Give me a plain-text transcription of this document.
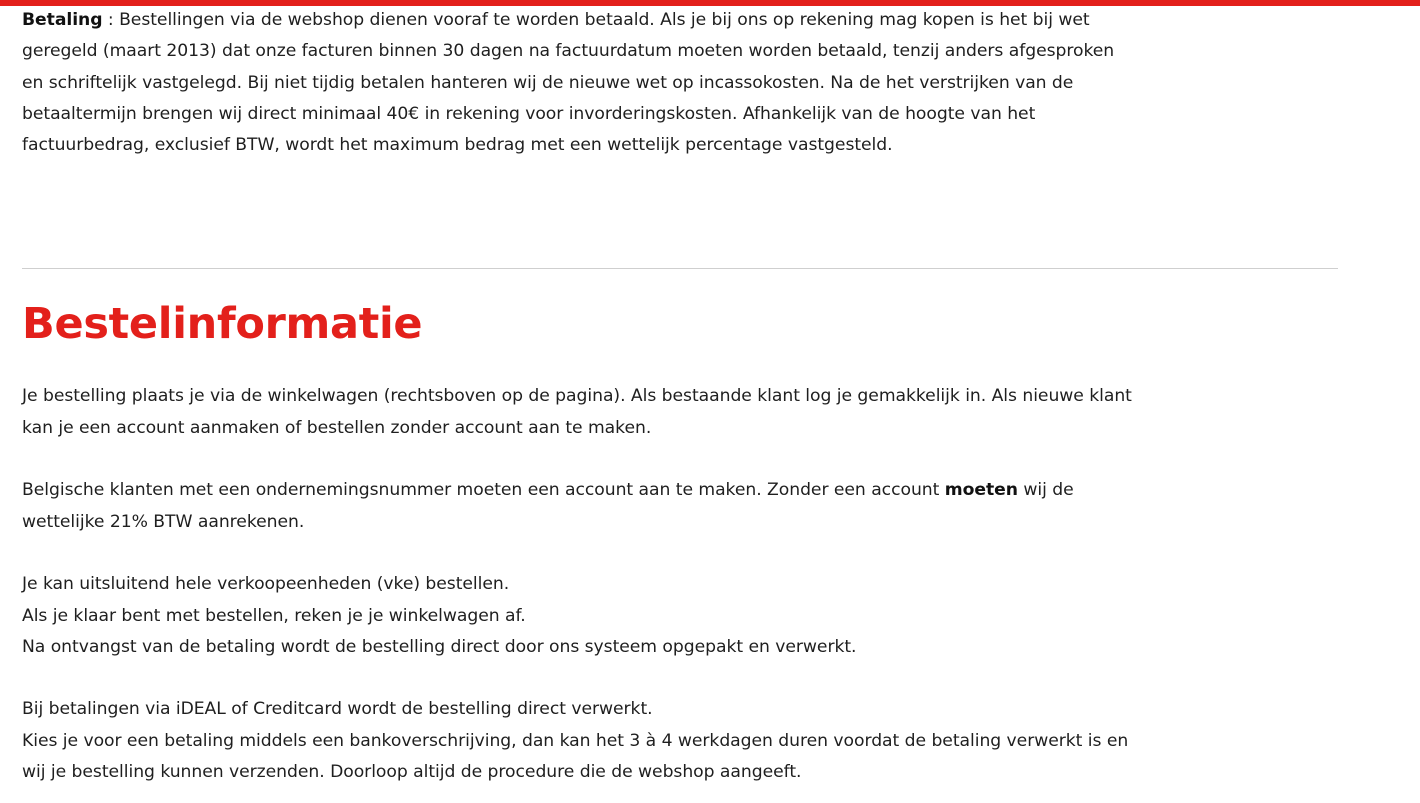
Betaling : Bestellingen via de webshop dienen vooraf te worden betaald. Als je bij ons op rekening mag kopen is het bij wet
geregeld (maart 2013) dat onze facturen binnen 30 dagen na factuurdatum moeten worden betaald, tenzij anders afgesproken
en schriftelijk vastgelegd. Bij niet tijdig betalen hanteren wij de nieuwe wet op incassokosten. Na de het verstrijken van de
betaaltermijn brengen wij direct minimaal 40€ in rekening voor invorderingskosten. Afhankelijk van de hoogte van het
factuurbedrag, exclusief BTW, wordt het maximum bedrag met een wettelijk percentage vastgesteld.

Bestelinformatie

Je bestelling plaats je via de winkelwagen (rechtsboven op de pagina). Als bestaande klant log je gemakkelijk in. Als nieuwe klant
kan je een account aanmaken of bestellen zonder account aan te maken.

Belgische klanten met een ondernemingsnummer moeten een account aan te maken. Zonder een account moeten wij de
wettelijke 21% BTW aanrekenen.

Je kan uitsluitend hele verkoopeenheden (vke) bestellen.
Als je klaar bent met bestellen, reken je je winkelwagen af.
Na ontvangst van de betaling wordt de bestelling direct door ons systeem opgepakt en verwerkt.

Bij betalingen via iDEAL of Creditcard wordt de bestelling direct verwerkt.
Kies je voor een betaling middels een bankoverschrijving, dan kan het 3 à 4 werkdagen duren voordat de betaling verwerkt is en
wij je bestelling kunnen verzenden. Doorloop altijd de procedure die de webshop aangeeft.
